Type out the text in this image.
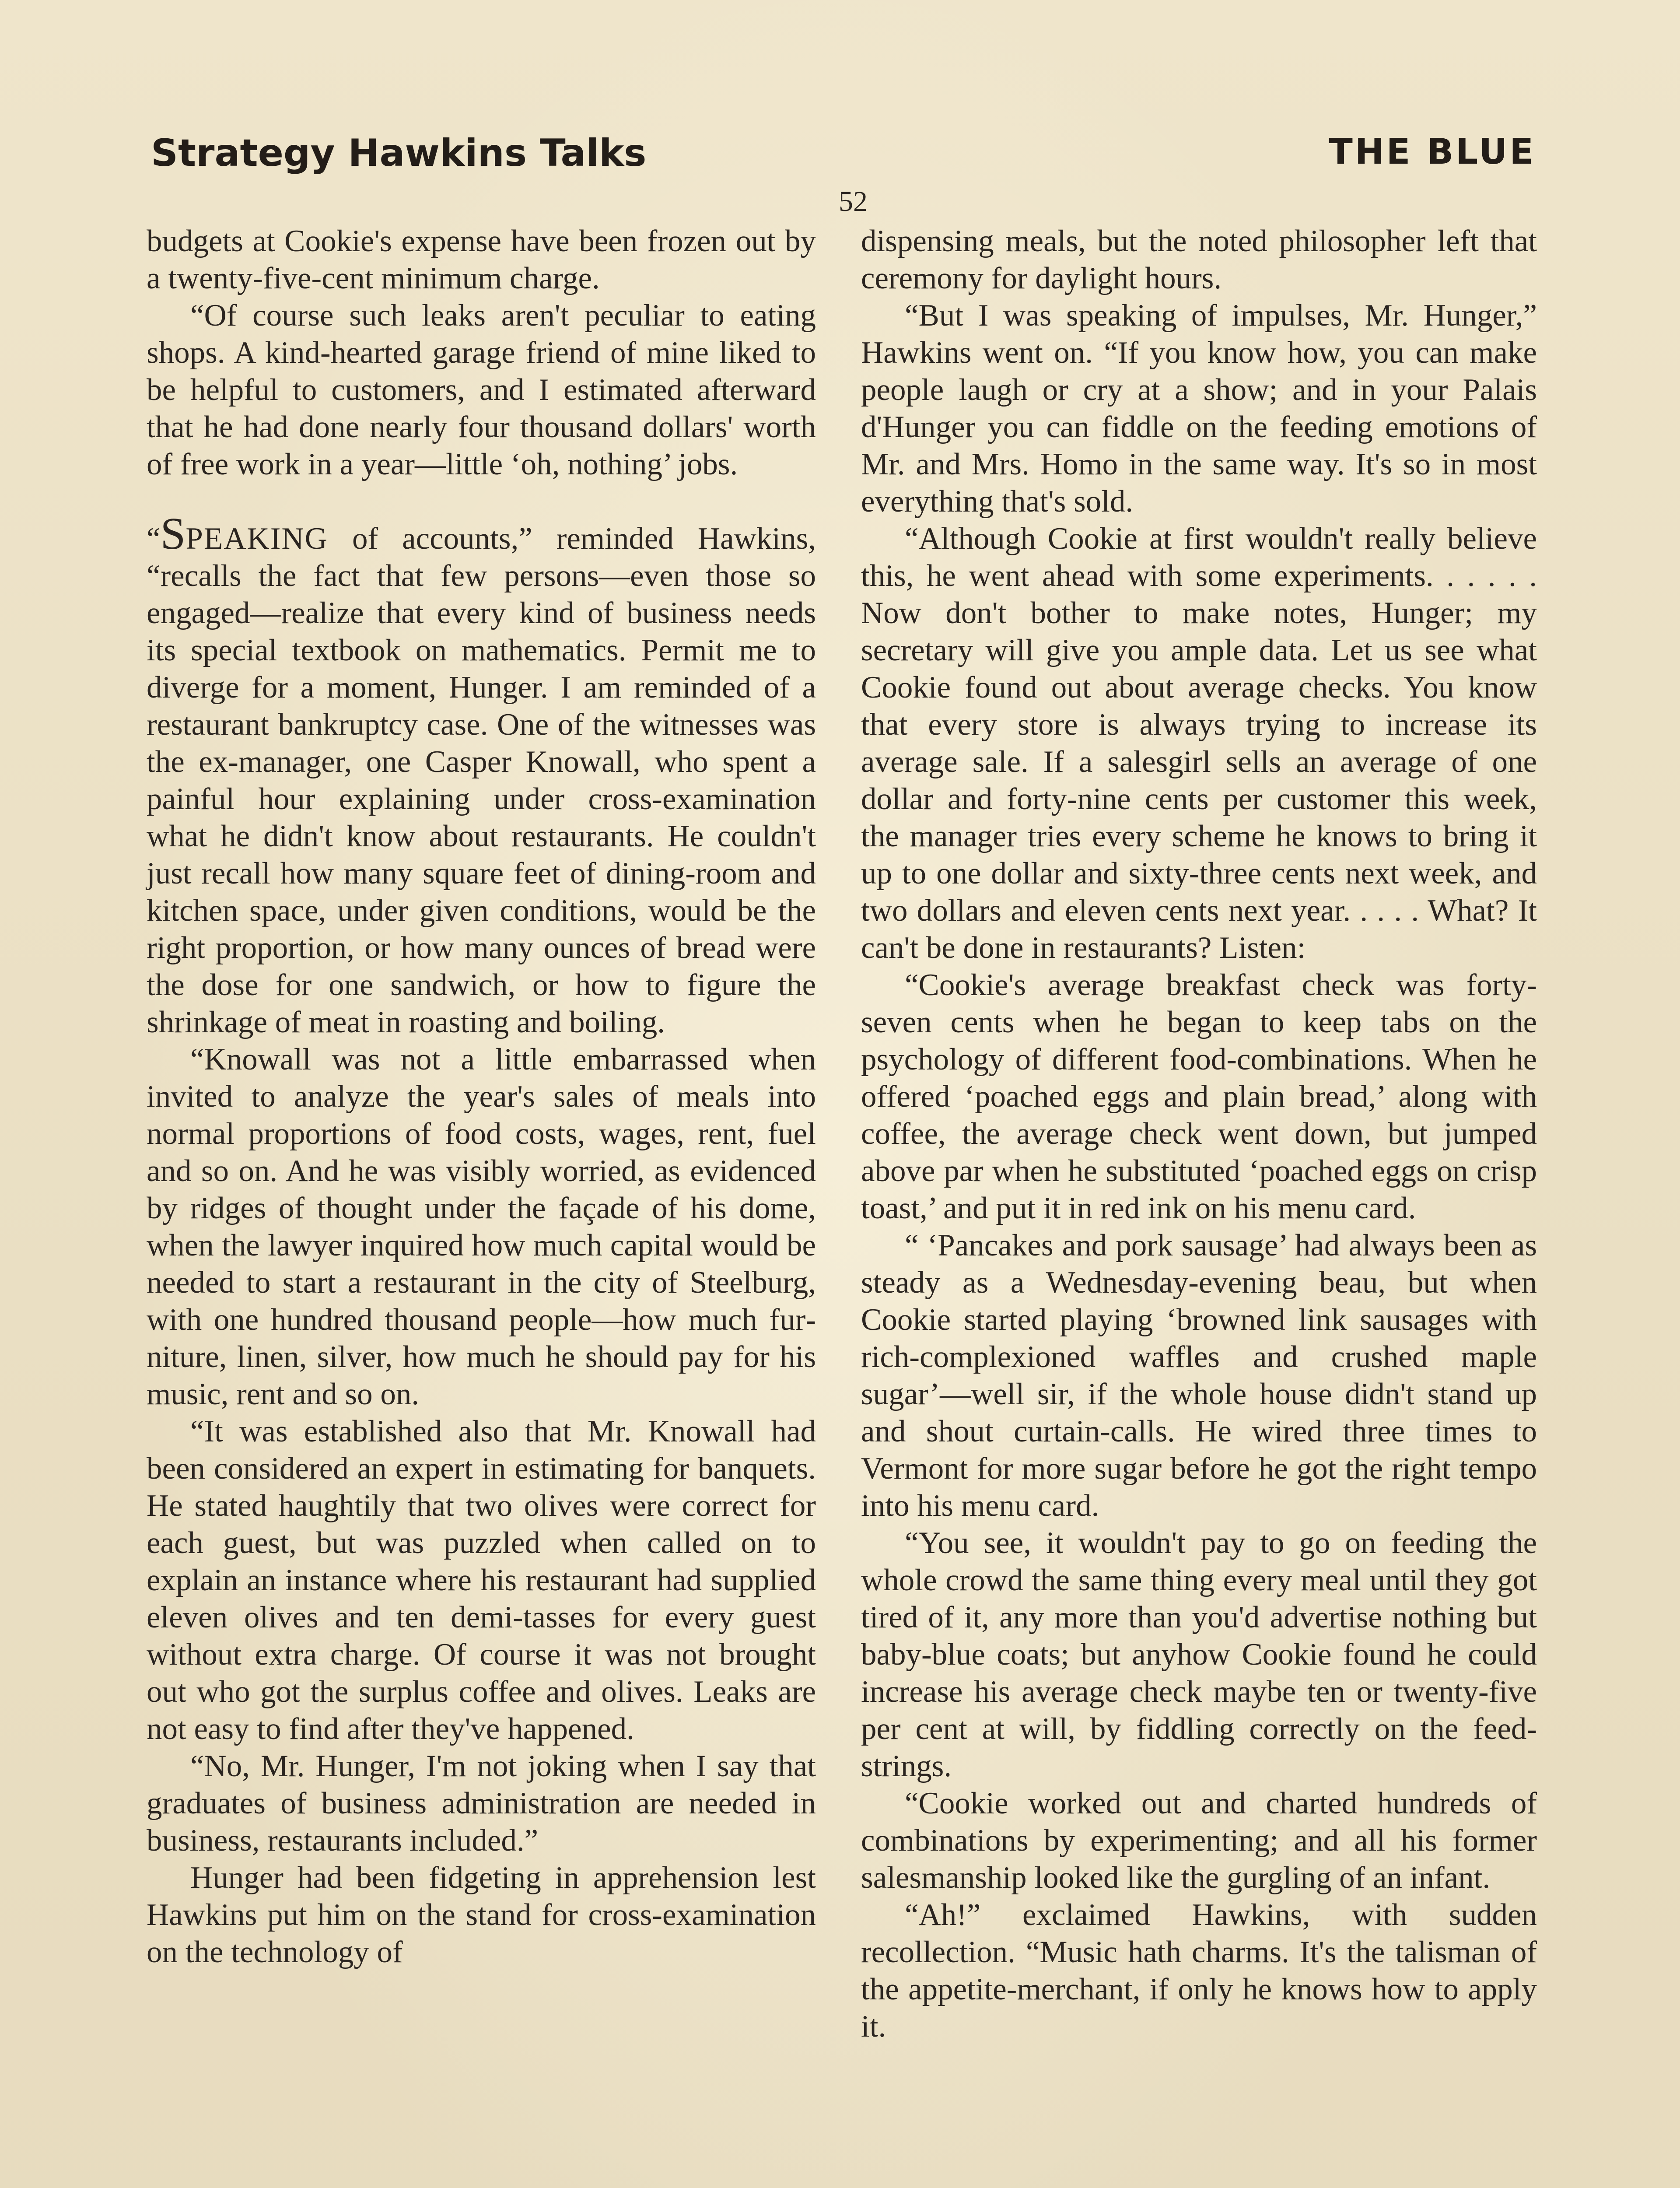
Strategy Hawkins Talks	THE BLUE
52

budgets at Cookie's expense have been frozen out by a twenty-five-cent minimum charge.

“Of course such leaks aren't peculiar to eating shops. A kind-hearted garage friend of mine liked to be helpful to customers, and I estimated afterward that he had done nearly four thousand dollars' worth of free work in a year—little ‘oh, nothing’ jobs.

“SPEAKING of accounts,” reminded Hawkins, “recalls the fact that few persons—even those so engaged—realize that every kind of business needs its special textbook on mathematics. Permit me to diverge for a moment, Hunger. I am reminded of a restaurant bankruptcy case. One of the witnesses was the ex-manager, one Casper Knowall, who spent a painful hour explaining under cross-examination what he didn't know about restaurants. He couldn't just recall how many square feet of dining-room and kitchen space, under given conditions, would be the right proportion, or how many ounces of bread were the dose for one sandwich, or how to figure the shrinkage of meat in roasting and boiling.

“Knowall was not a little embarrassed when invited to analyze the year's sales of meals into normal proportions of food costs, wages, rent, fuel and so on. And he was visibly worried, as evidenced by ridges of thought under the façade of his dome, when the lawyer inquired how much capital would be needed to start a restaurant in the city of Steelburg, with one hundred thousand people—how much furniture, linen, silver, how much he should pay for his music, rent and so on.

“It was established also that Mr. Knowall had been considered an expert in estimating for banquets. He stated haughtily that two olives were correct for each guest, but was puzzled when called on to explain an instance where his restaurant had supplied eleven olives and ten demi-tasses for every guest without extra charge. Of course it was not brought out who got the surplus coffee and olives. Leaks are not easy to find after they've happened.

“No, Mr. Hunger, I'm not joking when I say that graduates of business administration are needed in business, restaurants included.”

Hunger had been fidgeting in apprehension lest Hawkins put him on the stand for cross-examination on the technology of

dispensing meals, but the noted philosopher left that ceremony for daylight hours.

“But I was speaking of impulses, Mr. Hunger,” Hawkins went on. “If you know how, you can make people laugh or cry at a show; and in your Palais d'Hunger you can fiddle on the feeding emotions of Mr. and Mrs. Homo in the same way. It's so in most everything that's sold.

“Although Cookie at first wouldn't really believe this, he went ahead with some experiments. . . . . . Now don't bother to make notes, Hunger; my secretary will give you ample data. Let us see what Cookie found out about average checks. You know that every store is always trying to increase its average sale. If a salesgirl sells an average of one dollar and forty-nine cents per customer this week, the manager tries every scheme he knows to bring it up to one dollar and sixty-three cents next week, and two dollars and eleven cents next year. . . . . What? It can't be done in restaurants? Listen:

“Cookie's average breakfast check was forty-seven cents when he began to keep tabs on the psychology of different food-combinations. When he offered ‘poached eggs and plain bread,’ along with coffee, the average check went down, but jumped above par when he substituted ‘poached eggs on crisp toast,’ and put it in red ink on his menu card.

“ ‘Pancakes and pork sausage’ had always been as steady as a Wednesday-evening beau, but when Cookie started playing ‘browned link sausages with rich-complexioned waffles and crushed maple sugar’—well sir, if the whole house didn't stand up and shout curtain-calls. He wired three times to Vermont for more sugar before he got the right tempo into his menu card.

“You see, it wouldn't pay to go on feeding the whole crowd the same thing every meal until they got tired of it, any more than you'd advertise nothing but baby-blue coats; but anyhow Cookie found he could increase his average check maybe ten or twenty-five per cent at will, by fiddling correctly on the feed-strings.

“Cookie worked out and charted hundreds of combinations by experimenting; and all his former salesmanship looked like the gurgling of an infant.

“Ah!” exclaimed Hawkins, with sudden recollection. “Music hath charms. It's the talisman of the appetite-merchant, if only he knows how to apply it.
